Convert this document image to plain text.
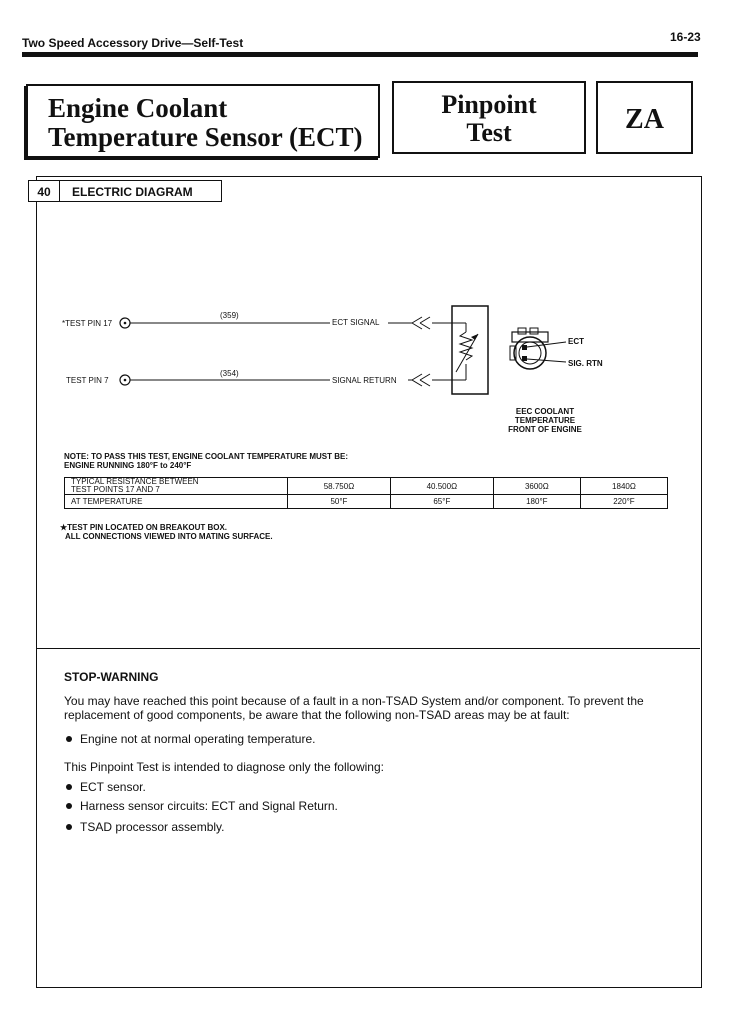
Two Speed Accessory Drive—Self-Test	16-23
Engine Coolant
Temperature Sensor (ECT)
Pinpoint
Test	ZA
40	ELECTRIC DIAGRAM
*TEST PIN 17
TEST PIN 7
(359)
(354)
ECT SIGNAL
SIGNAL RETURN
ECT
SIG. RTN
EEC COOLANT
TEMPERATURE
FRONT OF ENGINE
NOTE: TO PASS THIS TEST, ENGINE COOLANT TEMPERATURE MUST BE:
ENGINE RUNNING 180°F to 240°F
TYPICAL RESISTANCE BETWEEN
TEST POINTS 17 AND 7	58.750Ω	40.500Ω	3600Ω	1840Ω
AT TEMPERATURE	50°F	65°F	180°F	220°F
★TEST PIN LOCATED ON BREAKOUT BOX.
ALL CONNECTIONS VIEWED INTO MATING SURFACE.
STOP-WARNING
You may have reached this point because of a fault in a non-TSAD System and/or component. To prevent the replacement of good components, be aware that the following non-TSAD areas may be at fault:
Engine not at normal operating temperature.
This Pinpoint Test is intended to diagnose only the following:
ECT sensor.
Harness sensor circuits: ECT and Signal Return.
TSAD processor assembly.
